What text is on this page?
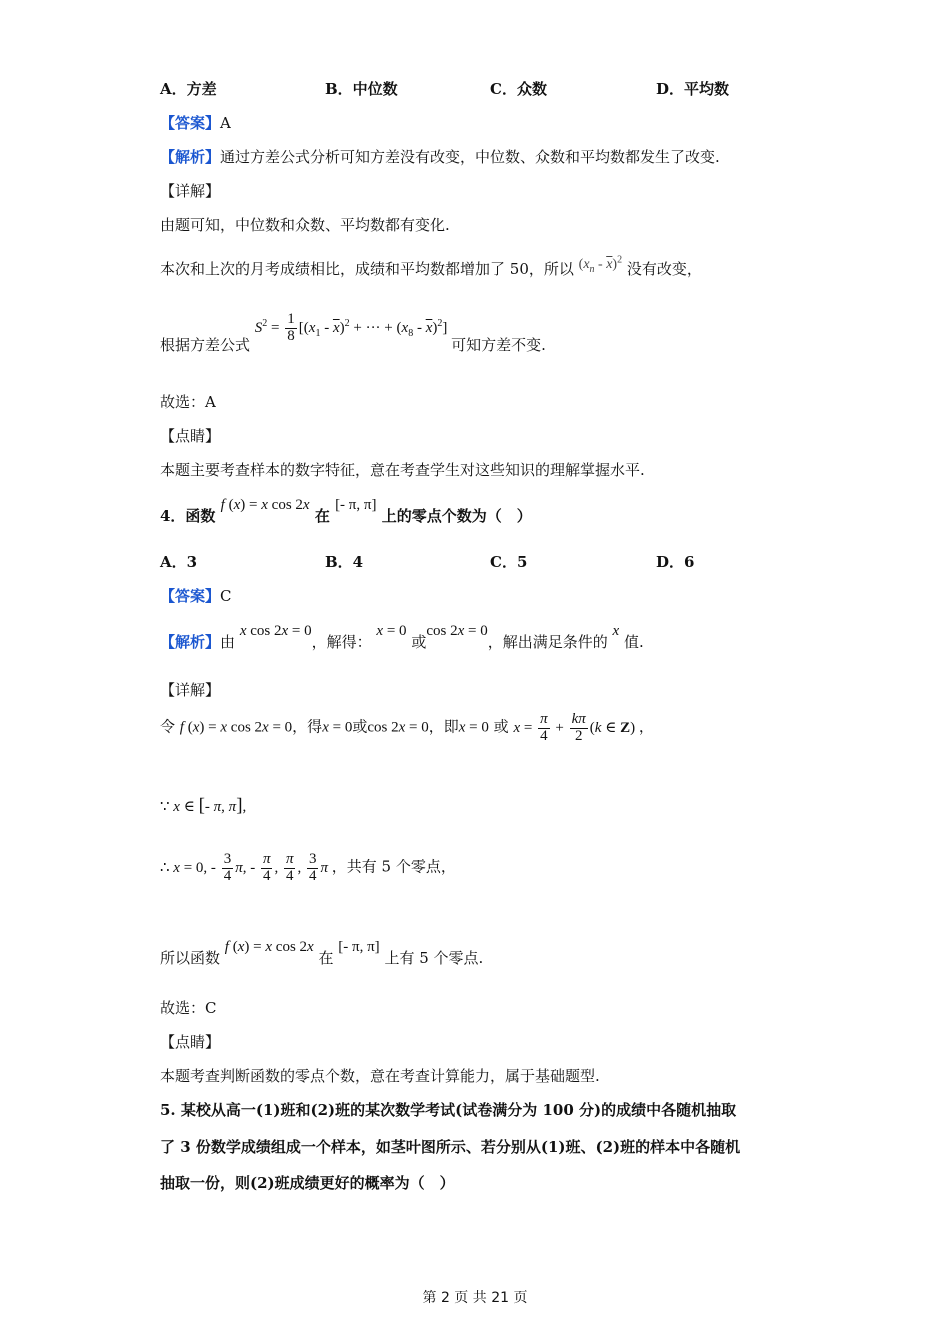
A．方差	B．中位数	C．众数	D．平均数
【答案】A
【解析】通过方差公式分析可知方差没有改变，中位数、众数和平均数都发生了改变.
【详解】
由题可知，中位数和众数、平均数都有变化.
本次和上次的月考成绩相比，成绩和平均数都增加了 50，所以 $(x_n - \overline{x})^2$ 没有改变，
根据方差公式 $S^2 = \frac{1}{8} [(x_1 - \overline{x})^2$ + ··· + $(x_8 - \overline{x})^2$] 可知方差不变.
故选：A
【点睛】
本题主要考查样本的数字特征，意在考查学生对这些知识的理解掌握水平.
4．函数 f (x) = x cos 2x 在 [- π, π] 上的零点个数为（　）
A．3	B．4	C．5	D．6
【答案】C
【解析】由 x cos 2x = 0，解得： x = 0 或cos 2x = 0，解出满足条件的 x 值.
【详解】
令 f (x) = x cos 2x = 0，得x = 0或cos 2x = 0，即x = 0 或 $x = \frac{\pi}{4} + \frac{k\pi}{2} (k$ ∈ Z) ，
∵ x ∈ [- π, π],
∴ x = 0, - $\frac{3}{4} \pi$, - $\frac{\pi}{4}$ , $\frac{\pi}{4}$ , $\frac{3}{4}$ π ，共有 5 个零点，
所以函数 f (x) = x cos 2x 在 [- π, π] 上有 5 个零点.
故选：C
【点睛】
本题考查判断函数的零点个数，意在考查计算能力，属于基础题型.
5. 某校从高一(1)班和(2)班的某次数学考试(试卷满分为 100 分)的成绩中各随机抽取
了 3 份数学成绩组成一个样本，如茎叶图所示、若分别从(1)班、(2)班的样本中各随机
抽取一份，则(2)班成绩更好的概率为（　）
第 2 页 共 21 页
